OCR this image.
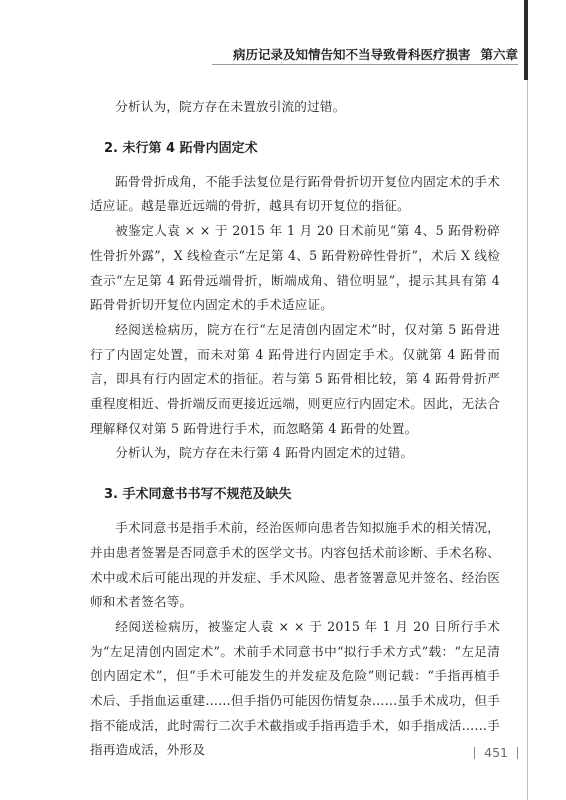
病历记录及知情告知不当导致骨科医疗损害 第六章

分析认为，院方存在未置放引流的过错。

2. 未行第 4 跖骨内固定术

跖骨骨折成角，不能手法复位是行跖骨骨折切开复位内固定术的手术适应证。越是靠近远端的骨折，越具有切开复位的指征。

被鉴定人袁 × × 于 2015 年 1 月 20 日术前见“第 4、5 跖骨粉碎性骨折外露”，X 线检查示“左足第 4、5 跖骨粉碎性骨折”，术后 X 线检查示“左足第 4 跖骨远端骨折，断端成角、错位明显”，提示其具有第 4 跖骨骨折切开复位内固定术的手术适应证。

经阅送检病历，院方在行“左足清创内固定术”时，仅对第 5 跖骨进行了内固定处置，而未对第 4 跖骨进行内固定手术。仅就第 4 跖骨而言，即具有行内固定术的指征。若与第 5 跖骨相比较，第 4 跖骨骨折严重程度相近、骨折端反而更接近远端，则更应行内固定术。因此，无法合理解释仅对第 5 跖骨进行手术，而忽略第 4 跖骨的处置。

分析认为，院方存在未行第 4 跖骨内固定术的过错。

3. 手术同意书书写不规范及缺失

手术同意书是指手术前，经治医师向患者告知拟施手术的相关情况，并由患者签署是否同意手术的医学文书。内容包括术前诊断、手术名称、术中或术后可能出现的并发症、手术风险、患者签署意见并签名、经治医师和术者签名等。

经阅送检病历，被鉴定人袁 × × 于 2015 年 1 月 20 日所行手术为“左足清创内固定术”。术前手术同意书中“拟行手术方式”载：“左足清创内固定术”，但“手术可能发生的并发症及危险”则记载：“手指再植手术后、手指血运重建……但手指仍可能因伤情复杂……虽手术成功，但手指不能成活，此时需行二次手术截指或手指再造手术，如手指成活……手指再造成活，外形及	451
